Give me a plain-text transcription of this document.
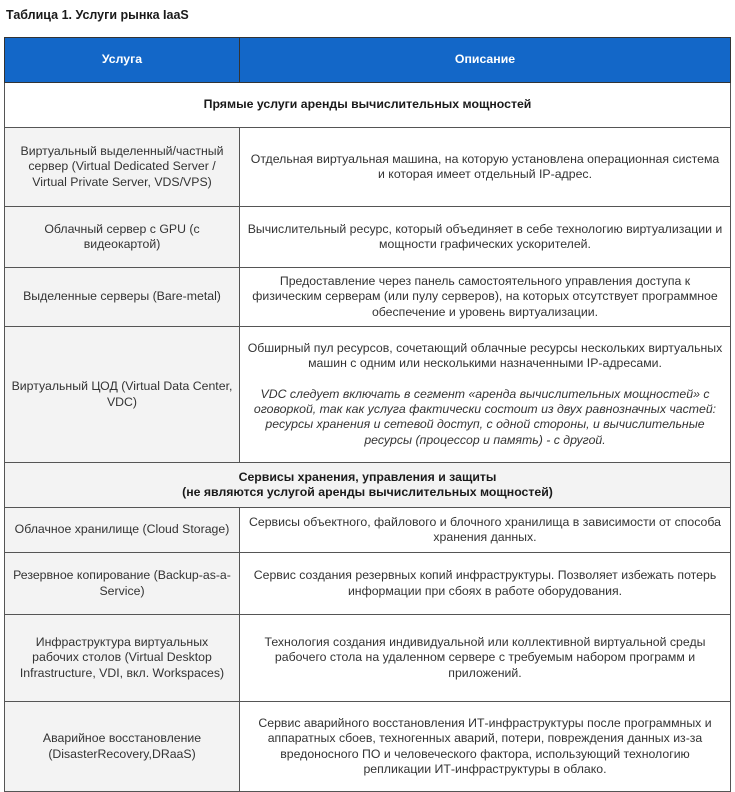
Таблица 1. Услуги рынка IaaS
Услуга	Описание
Прямые услуги аренды вычислительных мощностей	
Виртуальный выделенный/частный сервер (Virtual Dedicated Server / Virtual Private Server, VDS/VPS)	Отдельная виртуальная машина, на которую установлена операционная система и которая имеет отдельный IP-адрес.
Облачный сервер с GPU (с видеокартой)	Вычислительный ресурс, который объединяет в себе технологию виртуализации и мощности графических ускорителей.
Выделенные серверы (Bare-metal)	Предоставление через панель самостоятельного управления доступа к физическим серверам (или пулу серверов), на которых отсутствует программное обеспечение и уровень виртуализации.
Виртуальный ЦОД (Virtual Data Center, VDC)	Обширный пул ресурсов, сочетающий облачные ресурсы нескольких виртуальных машин с одним или несколькими назначенными IP-адресами.
VDC следует включать в сегмент «аренда вычислительных мощностей» с оговоркой, так как услуга фактически состоит из двух равнозначных частей: ресурсы хранения и сетевой доступ, с одной стороны, и вычислительные ресурсы (процессор и память) - с другой.

Сервисы хранения, управления и защиты
(не являются услугой аренды вычислительных мощностей)	
Облачное хранилище (Cloud Storage)	Сервисы объектного, файлового и блочного хранилища в зависимости от способа хранения данных.
Резервное копирование (Backup-as-a-Service)	Сервис создания резервных копий инфраструктуры. Позволяет избежать потерь информации при сбоях в работе оборудования.
Инфраструктура виртуальных рабочих столов (Virtual Desktop Infrastructure, VDI, вкл. Workspaces)	Технология создания индивидуальной или коллективной виртуальной среды рабочего стола на удаленном сервере с требуемым набором программ и приложений.
Аварийное восстановление (DisasterRecovery,DRaaS)	Сервис аварийного восстановления ИТ-инфраструктуры после программных и аппаратных сбоев, техногенных аварий, потери, повреждения данных из-за вредоносного ПО и человеческого фактора, использующий технологию репликации ИТ-инфраструктуры в облако.
